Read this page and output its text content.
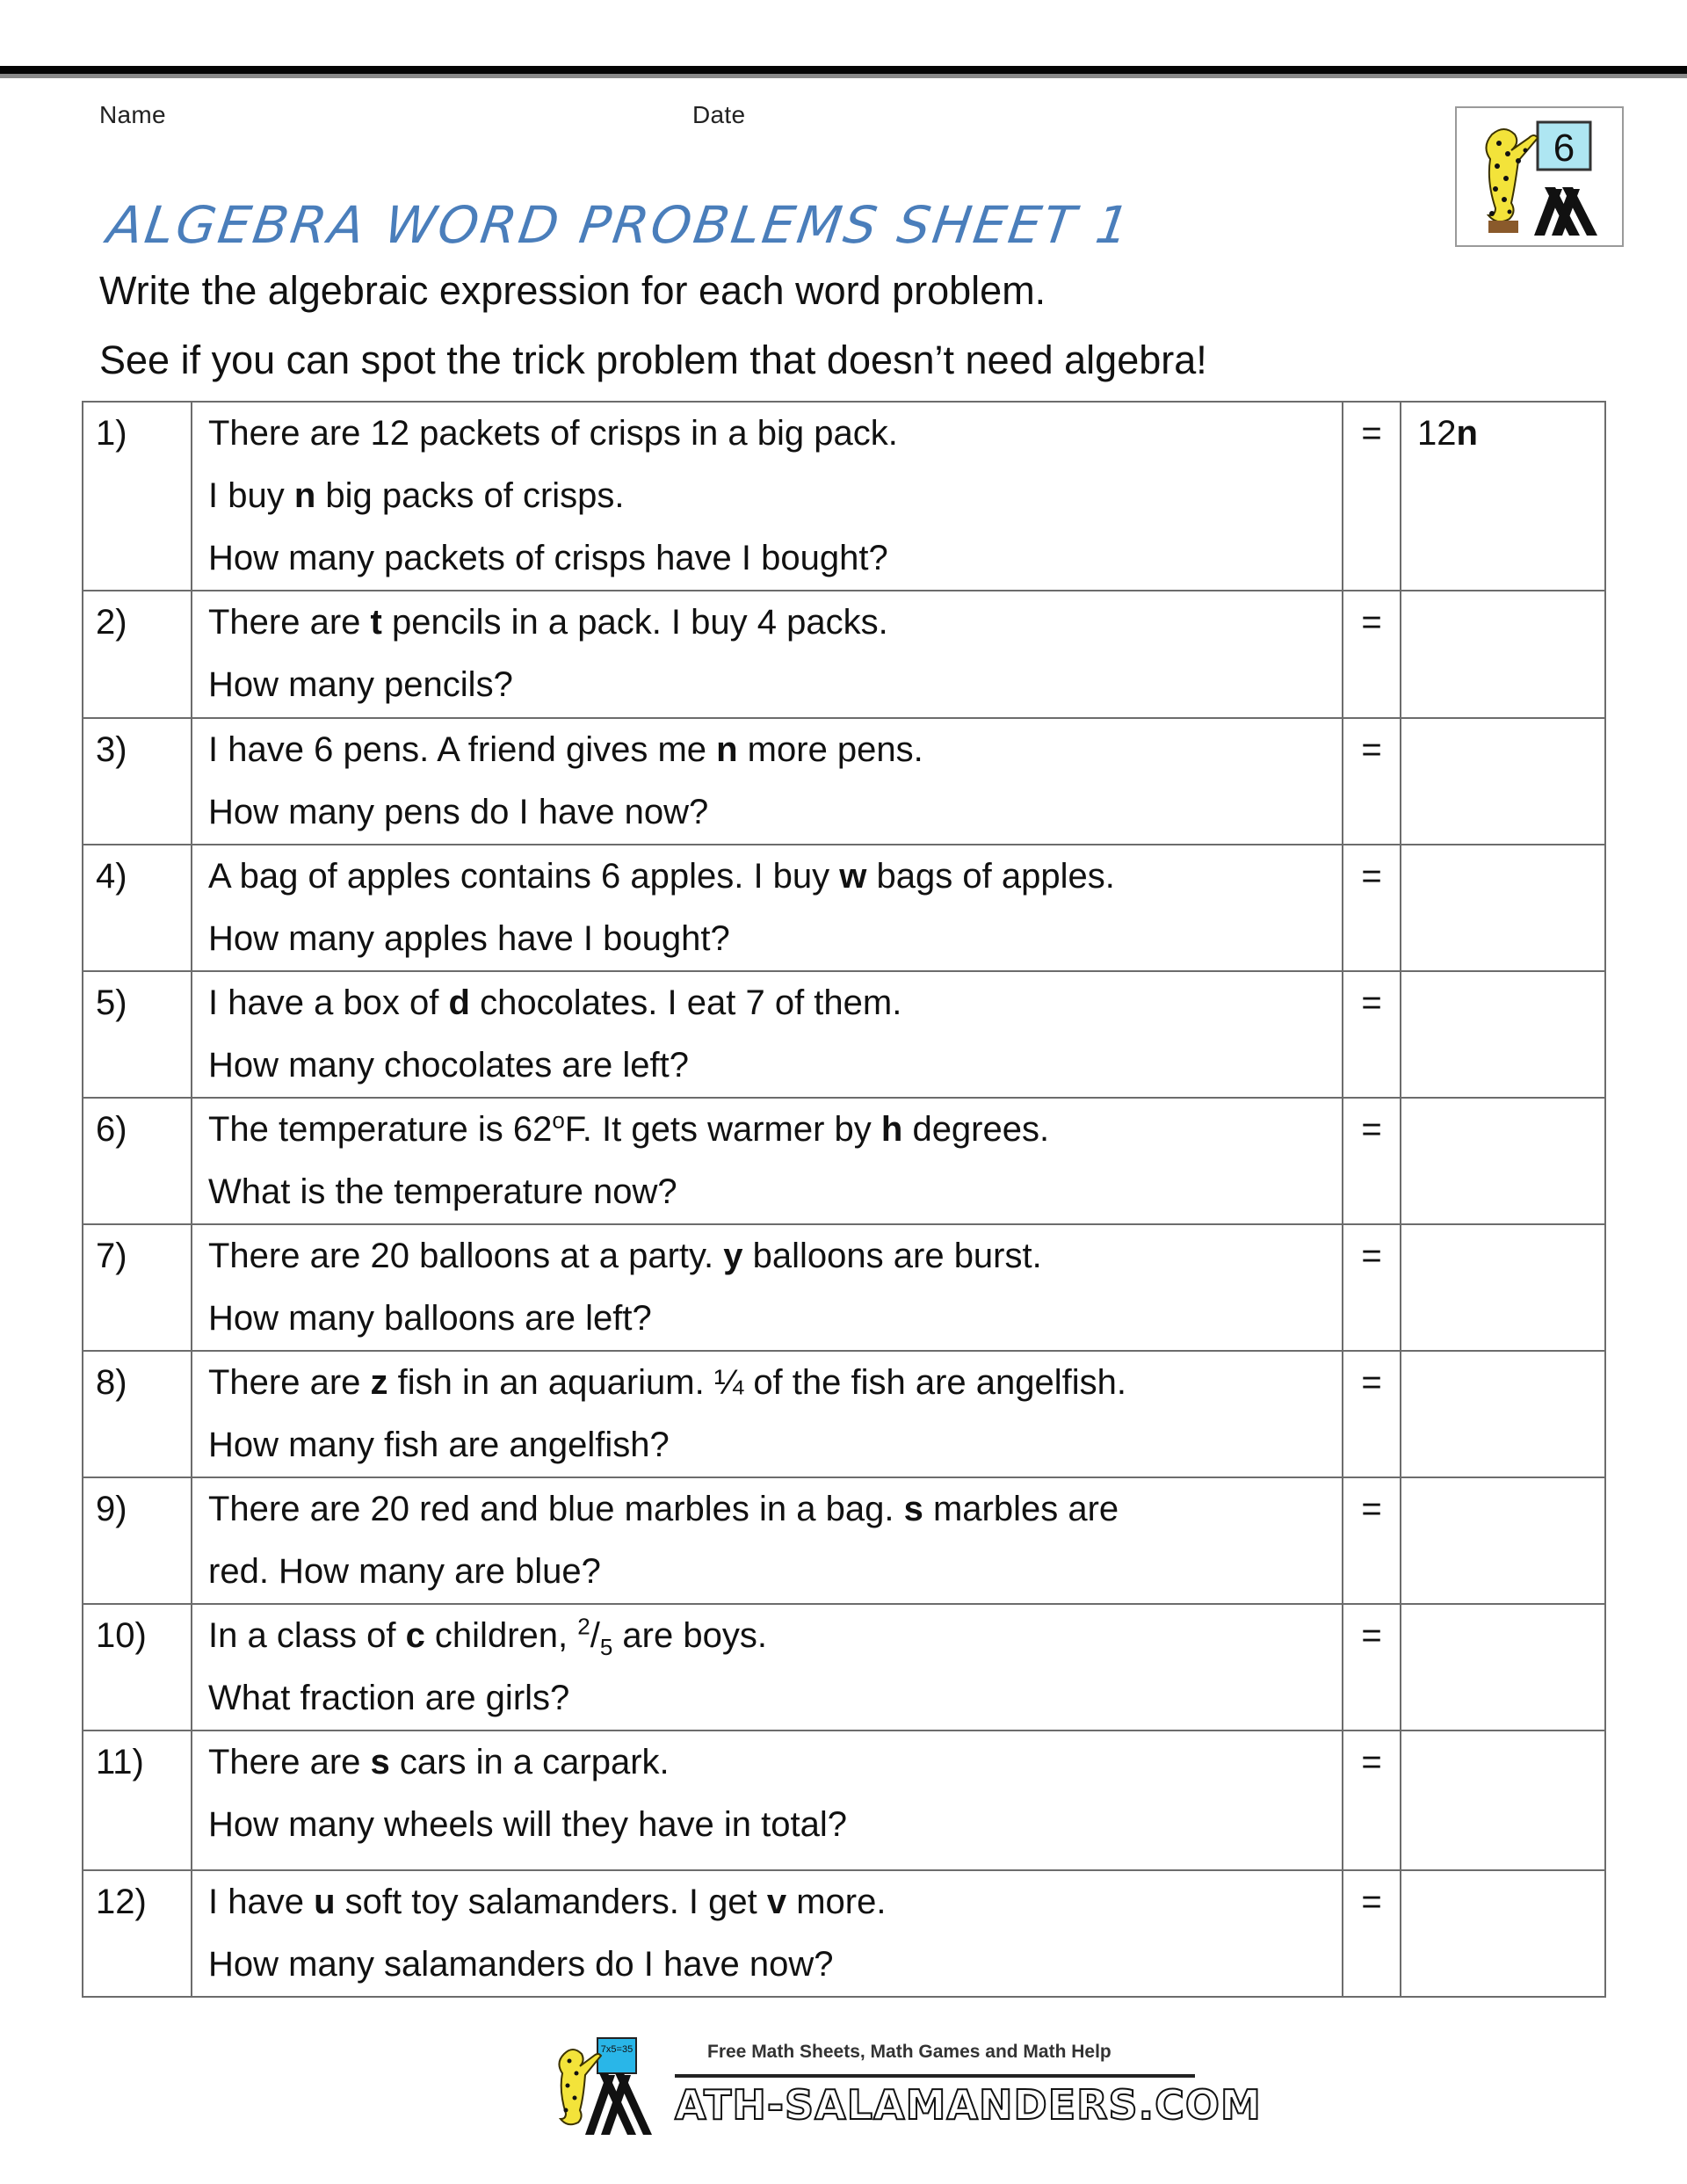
Name	Date
ALGEBRA WORD PROBLEMS SHEET 1
Write the algebraic expression for each word problem.
See if you can spot the trick problem that doesn’t need algebra!
6
1)	There are 12 packets of crisps in a big pack.
I buy n big packs of crisps.
How many packets of crisps have I bought?	=	12n
2)	There are t pencils in a pack. I buy 4 packs.
How many pencils?	=	
3)	I have 6 pens. A friend gives me n more pens.
How many pens do I have now?	=	
4)	A bag of apples contains 6 apples. I buy w bags of apples.
How many apples have I bought?	=	
5)	I have a box of d chocolates. I eat 7 of them.
How many chocolates are left?	=	
6)	The temperature is 62$^o$F. It gets warmer by h degrees.
What is the temperature now?	=	
7)	There are 20 balloons at a party. y balloons are burst.
How many balloons are left?	=	
8)	There are z fish in an aquarium. ¼ of the fish are angelfish.
How many fish are angelfish?	=	
9)	There are 20 red and blue marbles in a bag. s marbles are
red. How many are blue?	=	
10)	In a class of c children, $^2/_5$ are boys.
What fraction are girls?	=	
11)	There are s cars in a carpark.
How many wheels will they have in total?	=	
12)	I have u soft toy salamanders. I get v more.
How many salamanders do I have now?	=	
7x5=35	Free Math Sheets, Math Games and Math Help
ATH-SALAMANDERS.COM
